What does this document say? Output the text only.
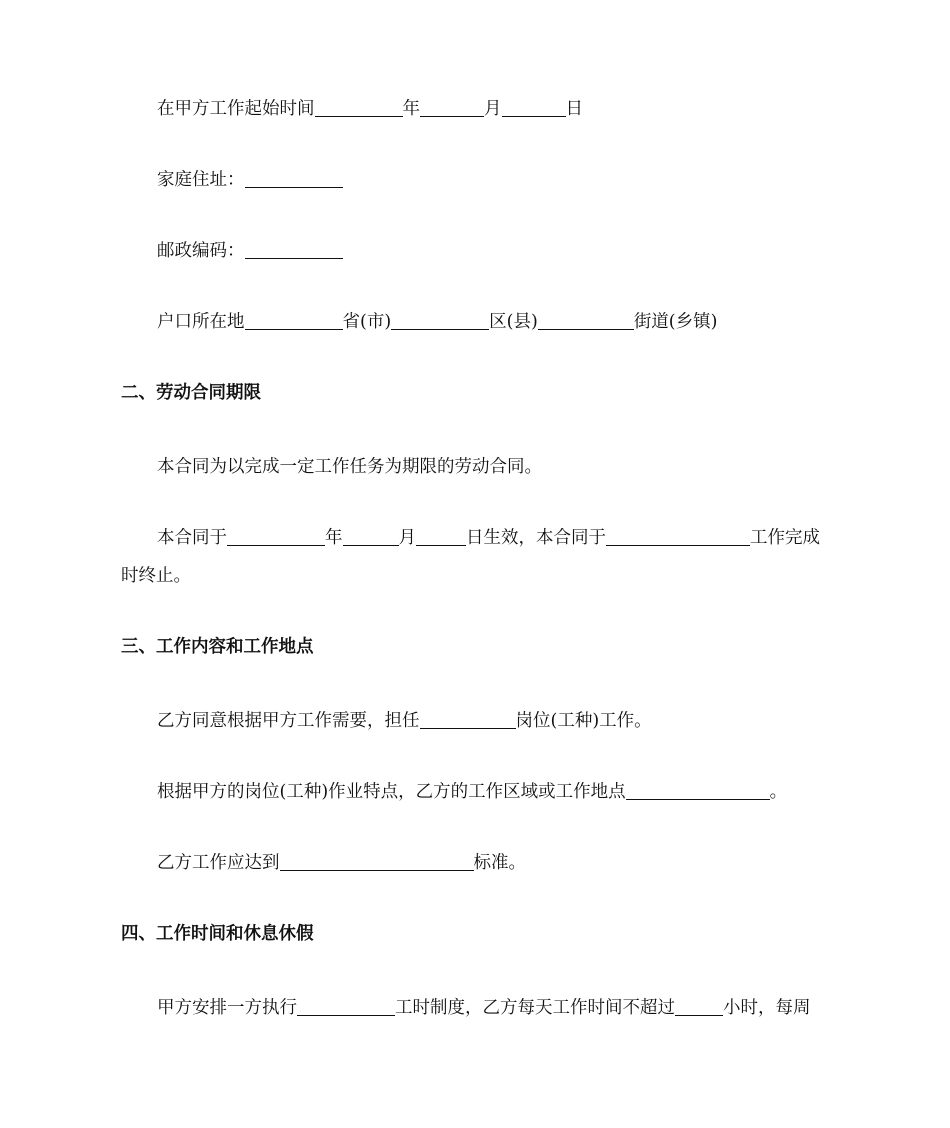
在甲方工作起始时间	年	月	日
家庭住址：
邮政编码：
户口所在地	省(市)	区(县)	街道(乡镇)
二、劳动合同期限
本合同为以完成一定工作任务为期限的劳动合同。
本合同于	年	月	日生效，本合同于	工作完成
时终止。
三、工作内容和工作地点
乙方同意根据甲方工作需要，担任	岗位(工种)工作。
根据甲方的岗位(工种)作业特点，乙方的工作区域或工作地点	。
乙方工作应达到	标准。
四、工作时间和休息休假
甲方安排一方执行	工时制度，乙方每天工作时间不超过	小时，每周
